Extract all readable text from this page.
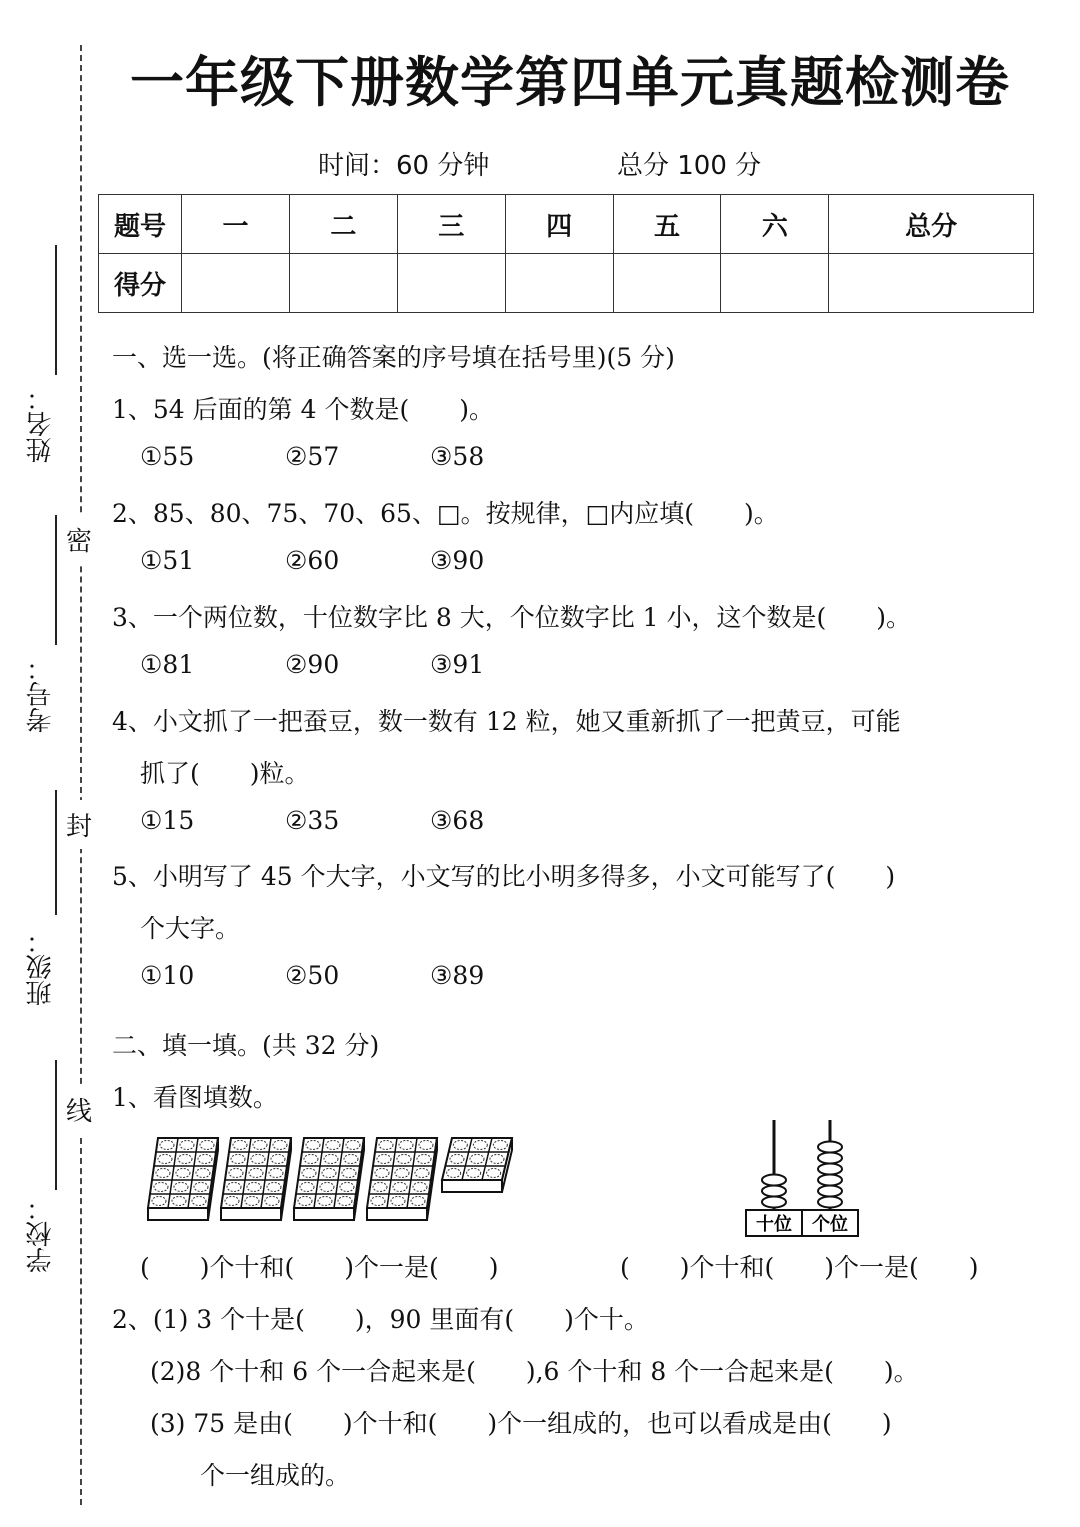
姓名：
考号：
班级：
学校：
密
封
线
一年级下册数学第四单元真题检测卷
时间：60 分钟	总分 100 分
题号	一	二	三	四	五	六	总分
得分							
一、选一选。(将正确答案的序号填在括号里)(5 分)
1、54 后面的第 4 个数是(　　)。
①55	②57	③58
2、85、80、75、70、65、□。按规律，□内应填(　　)。
①51	②60	③90
3、一个两位数，十位数字比 8 大，个位数字比 1 小，这个数是(　　)。
①81	②90	③91
4、小文抓了一把蚕豆，数一数有 12 粒，她又重新抓了一把黄豆，可能
抓了(　　)粒。
①15	②35	③68
5、小明写了 45 个大字，小文写的比小明多得多，小文可能写了(　　)
个大字。
①10	②50	③89
二、填一填。(共 32 分)
1、看图填数。
十位 个位
(　　)个十和(　　)个一是(　　)	(　　)个十和(　　)个一是(　　)
2、(1) 3 个十是(　　)，90 里面有(　　)个十。
(2)8 个十和 6 个一合起来是(　　),6 个十和 8 个一合起来是(　　)。
(3) 75 是由(　　)个十和(　　)个一组成的，也可以看成是由(　　)
个一组成的。
